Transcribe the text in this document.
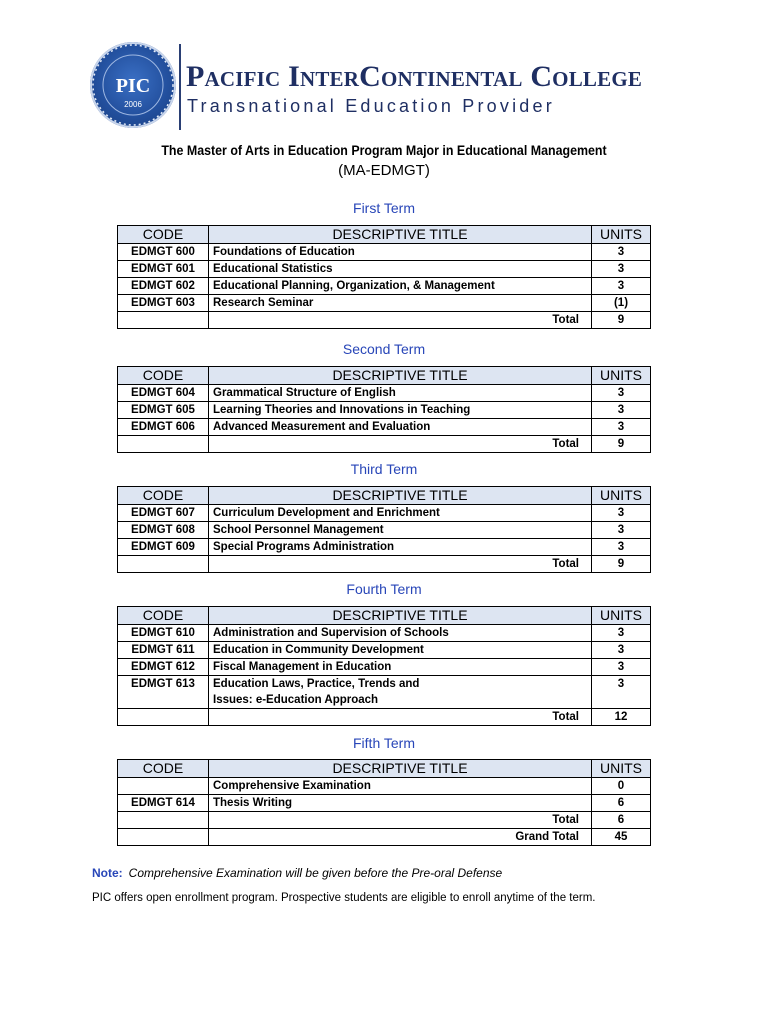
PIC
2006
Pacific InterContinental College
Transnational Education Provider
The Master of Arts in Education Program Major in Educational Management
(MA-EDMGT)
First Term
CODE	DESCRIPTIVE TITLE	UNITS
EDMGT 600	Foundations of Education	3
EDMGT 601	Educational Statistics	3
EDMGT 602	Educational Planning, Organization, & Management	3
EDMGT 603	Research Seminar	(1)
	Total	9
Second Term
CODE	DESCRIPTIVE TITLE	UNITS
EDMGT 604	Grammatical Structure of English	3
EDMGT 605	Learning Theories and Innovations in Teaching	3
EDMGT 606	Advanced Measurement and Evaluation	3
	Total	9
Third Term
CODE	DESCRIPTIVE TITLE	UNITS
EDMGT 607	Curriculum Development and Enrichment	3
EDMGT 608	School Personnel Management	3
EDMGT 609	Special Programs Administration	3
	Total	9
Fourth Term
CODE	DESCRIPTIVE TITLE	UNITS
EDMGT 610	Administration and Supervision of Schools	3
EDMGT 611	Education in Community Development	3
EDMGT 612	Fiscal Management in Education	3
EDMGT 613	Education Laws, Practice, Trends and Issues: e-Education Approach	3
	Total	12
Fifth Term
CODE	DESCRIPTIVE TITLE	UNITS
	Comprehensive Examination	0
EDMGT 614	Thesis Writing	6
	Total	6
	Grand Total	45
Note: Comprehensive Examination will be given before the Pre-oral Defense
PIC offers open enrollment program. Prospective students are eligible to enroll anytime of the term.
